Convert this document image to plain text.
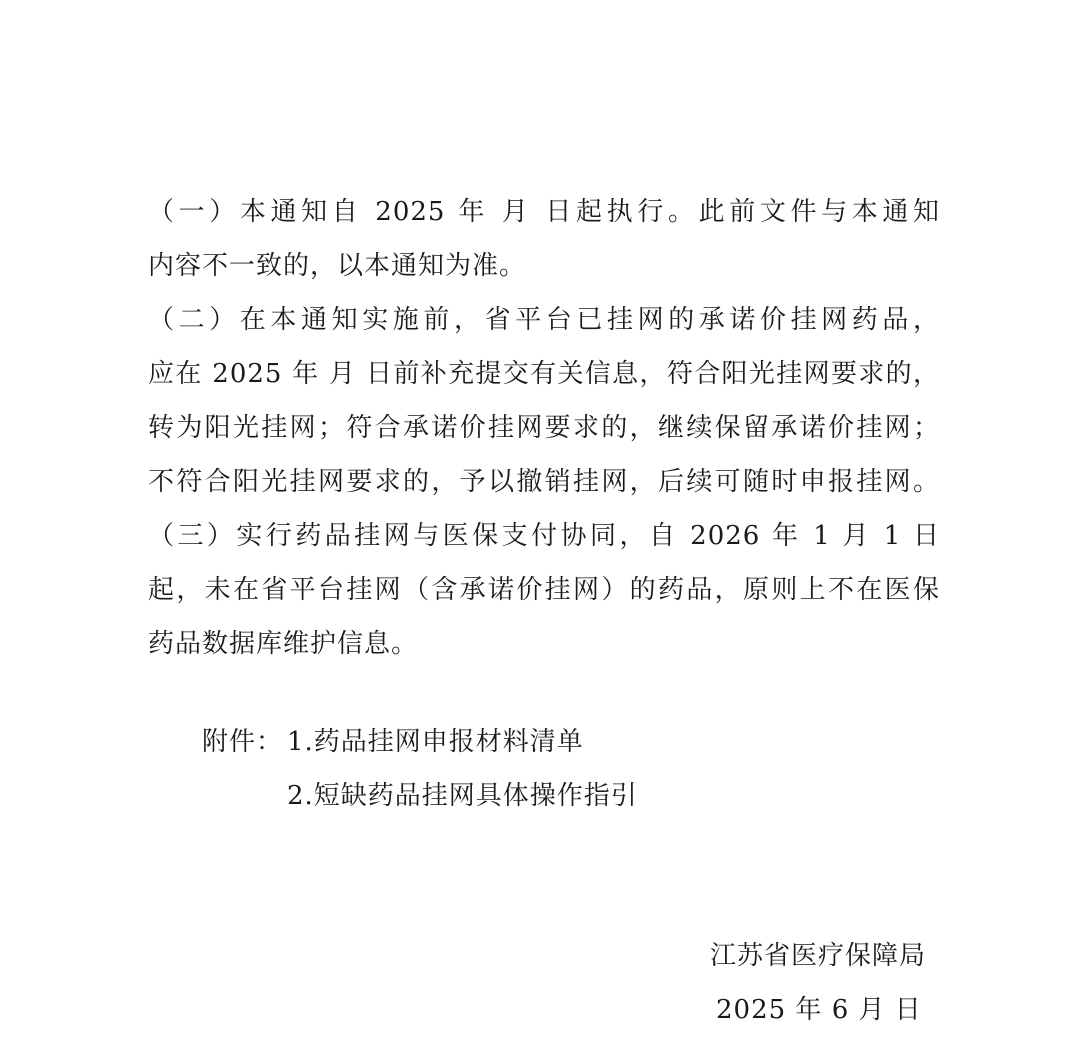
（一）本通知自 2025 年 月 日起执行。此前文件与本通知
内容不一致的，以本通知为准。
（二）在本通知实施前，省平台已挂网的承诺价挂网药品，
应在 2025 年 月 日前补充提交有关信息，符合阳光挂网要求的，
转为阳光挂网；符合承诺价挂网要求的，继续保留承诺价挂网；
不符合阳光挂网要求的，予以撤销挂网，后续可随时申报挂网。
（三）实行药品挂网与医保支付协同，自 2026 年 1 月 1 日
起，未在省平台挂网（含承诺价挂网）的药品，原则上不在医保
药品数据库维护信息。
附件： 1.药品挂网申报材料清单
2.短缺药品挂网具体操作指引
江苏省医疗保障局
2025 年 6 月 日
